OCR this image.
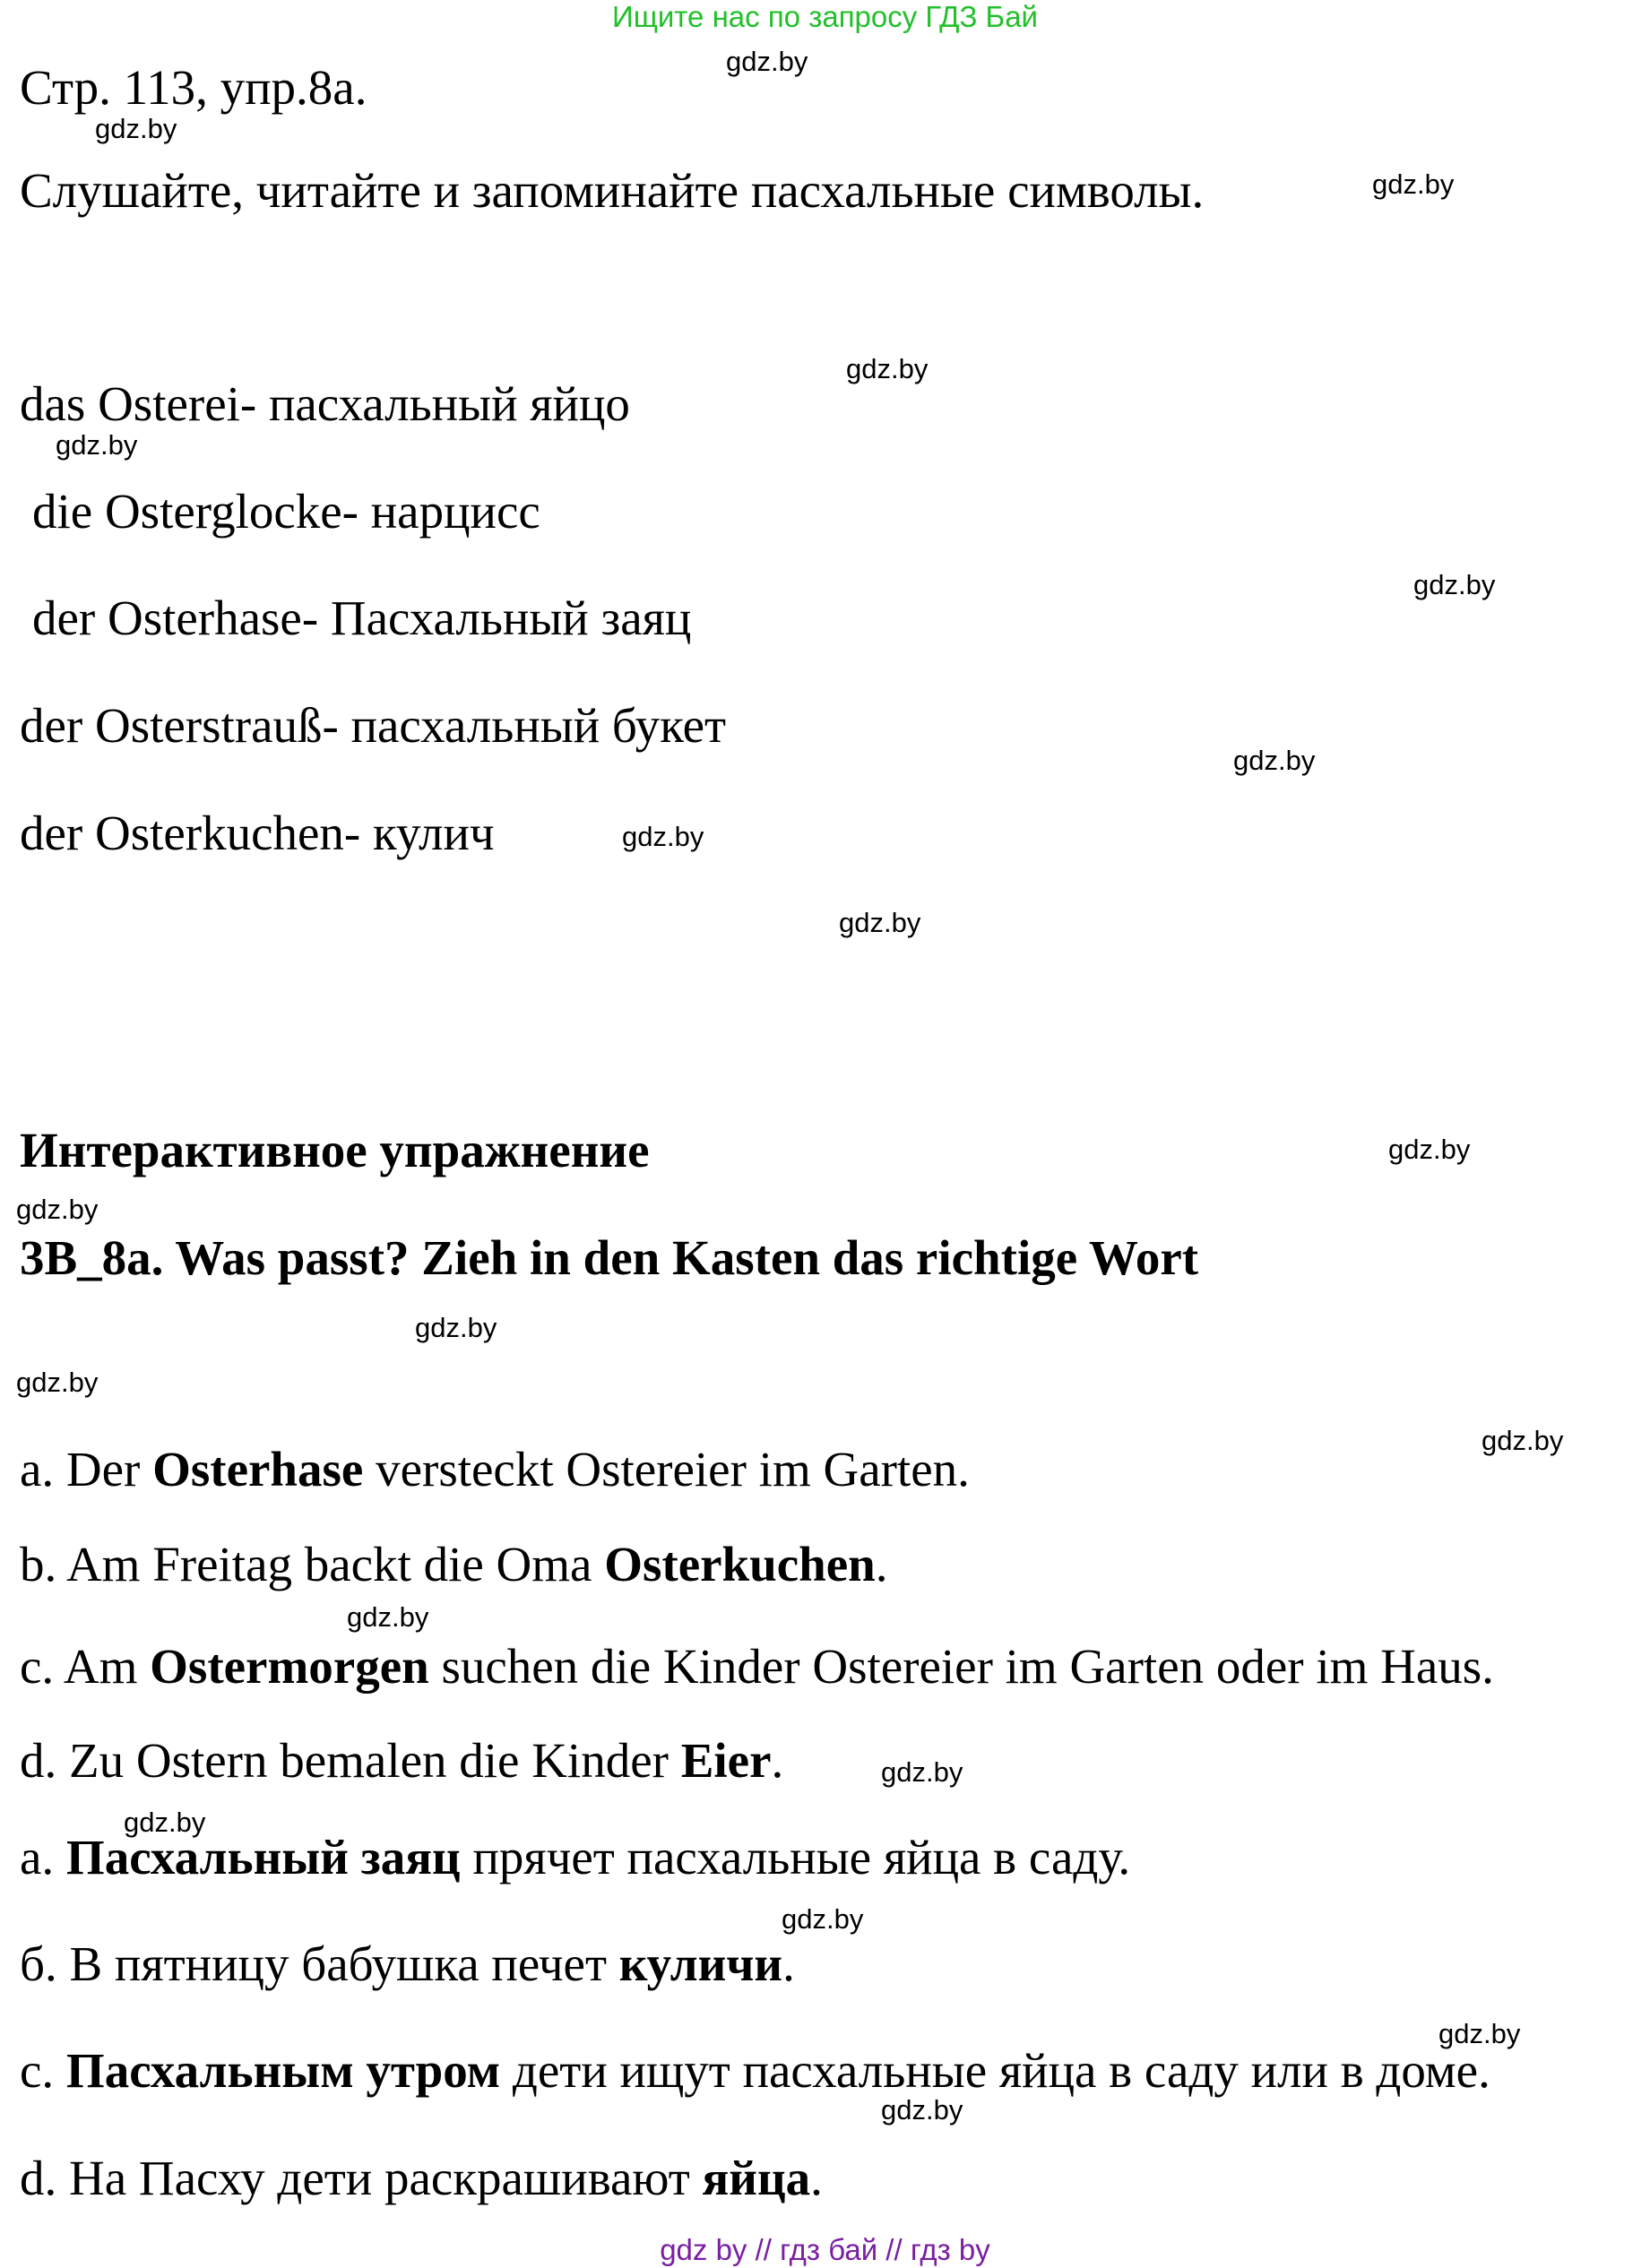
Ищите нас по запросу ГДЗ Бай
Стр. 113, упр.8а.
Слушайте, читайте и запоминайте пасхальные символы.
das Osterei- пасхальный яйцо
die Osterglocke- нарцисс
der Osterhase- Пасхальный заяц
der Osterstrauß- пасхальный букет
der Osterkuchen- кулич
Интерактивное упражнение
3B_8a. Was passt? Zieh in den Kasten das richtige Wort
a. Der Osterhase versteckt Ostereier im Garten.
b. Am Freitag backt die Oma Osterkuchen.
c. Am Ostermorgen suchen die Kinder Ostereier im Garten oder im Haus.
d. Zu Ostern bemalen die Kinder Eier.
a. Пасхальный заяц прячет пасхальные яйца в саду.
б. В пятницу бабушка печет куличи.
c. Пасхальным утром дети ищут пасхальные яйца в саду или в доме.
d. На Пасху дети раскрашивают яйца.
gdz.by
gdz.by
gdz.by
gdz.by
gdz.by
gdz.by
gdz.by
gdz.by
gdz.by
gdz.by
gdz.by
gdz.by
gdz.by
gdz.by
gdz.by
gdz.by
gdz.by
gdz.by
gdz.by
gdz.by
gdz by // гдз бай // гдз by
